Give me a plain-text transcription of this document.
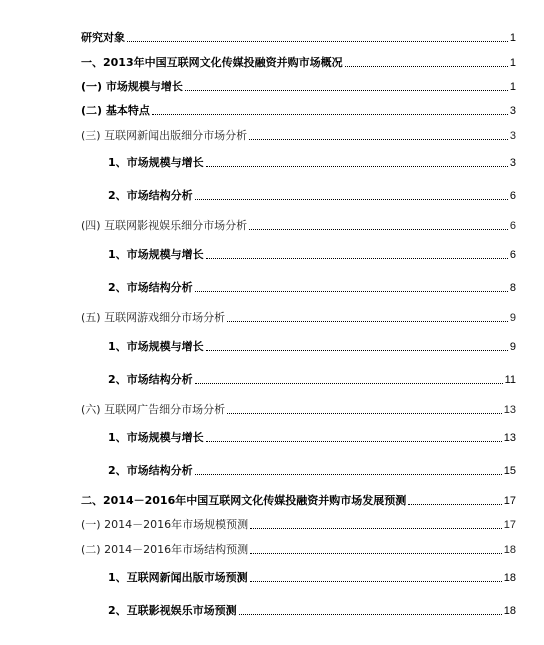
研究对象	1
一、2013年中国互联网文化传媒投融资并购市场概况	1
(一) 市场规模与增长	1
(二) 基本特点	3
(三) 互联网新闻出版细分市场分析	3
1、市场规模与增长	3
2、市场结构分析	6
(四) 互联网影视娱乐细分市场分析	6
1、市场规模与增长	6
2、市场结构分析	8
(五) 互联网游戏细分市场分析	9
1、市场规模与增长	9
2、市场结构分析	11
(六) 互联网广告细分市场分析	13
1、市场规模与增长	13
2、市场结构分析	15
二、2014－2016年中国互联网文化传媒投融资并购市场发展预测	17
(一) 2014－2016年市场规模预测	17
(二) 2014－2016年市场结构预测	18
1、互联网新闻出版市场预测	18
2、互联影视娱乐市场预测	18
